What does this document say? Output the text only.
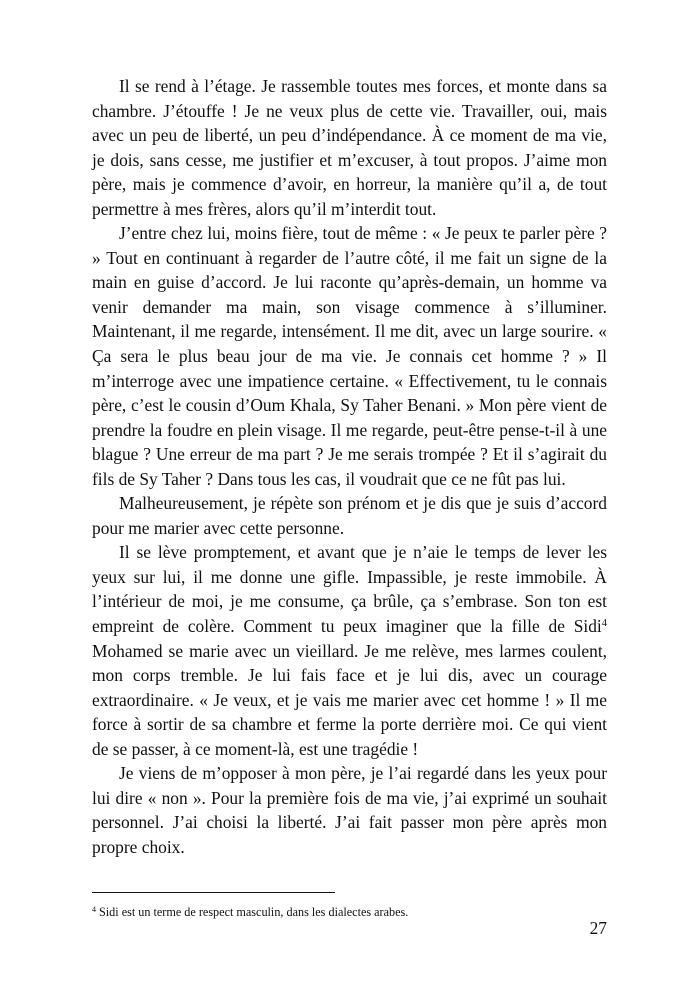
Il se rend à l’étage. Je rassemble toutes mes forces, et monte dans sa chambre. J’étouffe ! Je ne veux plus de cette vie. Travailler, oui, mais avec un peu de liberté, un peu d’indépendance. À ce moment de ma vie, je dois, sans cesse, me justifier et m’excuser, à tout propos. J’aime mon père, mais je commence d’avoir, en horreur, la manière qu’il a, de tout permettre à mes frères, alors qu’il m’interdit tout.

J’entre chez lui, moins fière, tout de même : « Je peux te parler père ? » Tout en continuant à regarder de l’autre côté, il me fait un signe de la main en guise d’accord. Je lui raconte qu’après-demain, un homme va venir demander ma main, son visage commence à s’illuminer. Maintenant, il me regarde, intensément. Il me dit, avec un large sourire. « Ça sera le plus beau jour de ma vie. Je connais cet homme ? » Il m’interroge avec une impatience certaine. « Effectivement, tu le connais père, c’est le cousin d’Oum Khala, Sy Taher Benani. » Mon père vient de prendre la foudre en plein visage. Il me regarde, peut-être pense-t-il à une blague ? Une erreur de ma part ? Je me serais trompée ? Et il s’agirait du fils de Sy Taher ? Dans tous les cas, il voudrait que ce ne fût pas lui.

Malheureusement, je répète son prénom et je dis que je suis d’accord pour me marier avec cette personne.

Il se lève promptement, et avant que je n’aie le temps de lever les yeux sur lui, il me donne une gifle. Impassible, je reste immobile. À l’intérieur de moi, je me consume, ça brûle, ça s’embrase. Son ton est empreint de colère. Comment tu peux imaginer que la fille de Sidi$^4$ Mohamed se marie avec un vieillard. Je me relève, mes larmes coulent, mon corps tremble. Je lui fais face et je lui dis, avec un courage extraordinaire. « Je veux, et je vais me marier avec cet homme ! » Il me force à sortir de sa chambre et ferme la porte derrière moi. Ce qui vient de se passer, à ce moment-là, est une tragédie !

Je viens de m’opposer à mon père, je l’ai regardé dans les yeux pour lui dire « non ». Pour la première fois de ma vie, j’ai exprimé un souhait personnel. J’ai choisi la liberté. J’ai fait passer mon père après mon propre choix.

$^4$ Sidi est un terme de respect masculin, dans les dialectes arabes.
27
